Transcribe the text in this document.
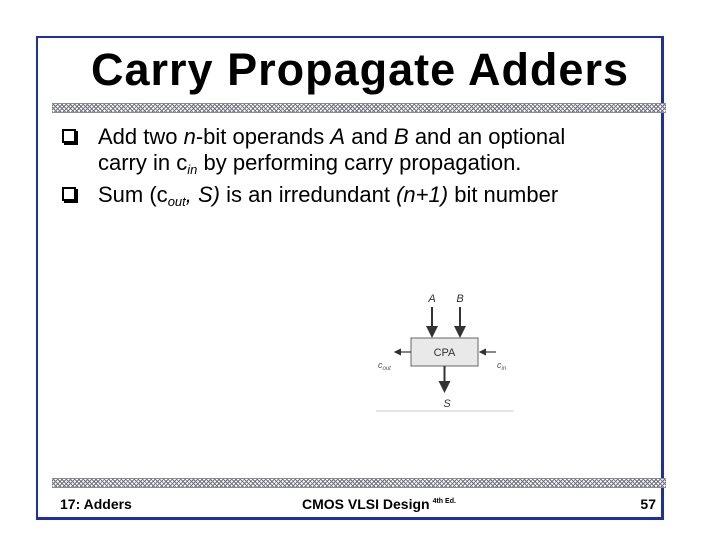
Carry Propagate Adders
Add two n-bit operands A and B and an optional
carry in $c_{in}$ by performing carry propagation.
Sum ($c_{out}$, S) is an irredundant (n+1) bit number
CPA
A B
$c_{in}$
$c_{out}$
S
17: Adders	CMOS VLSI Design $^{4th Ed.}$	57
